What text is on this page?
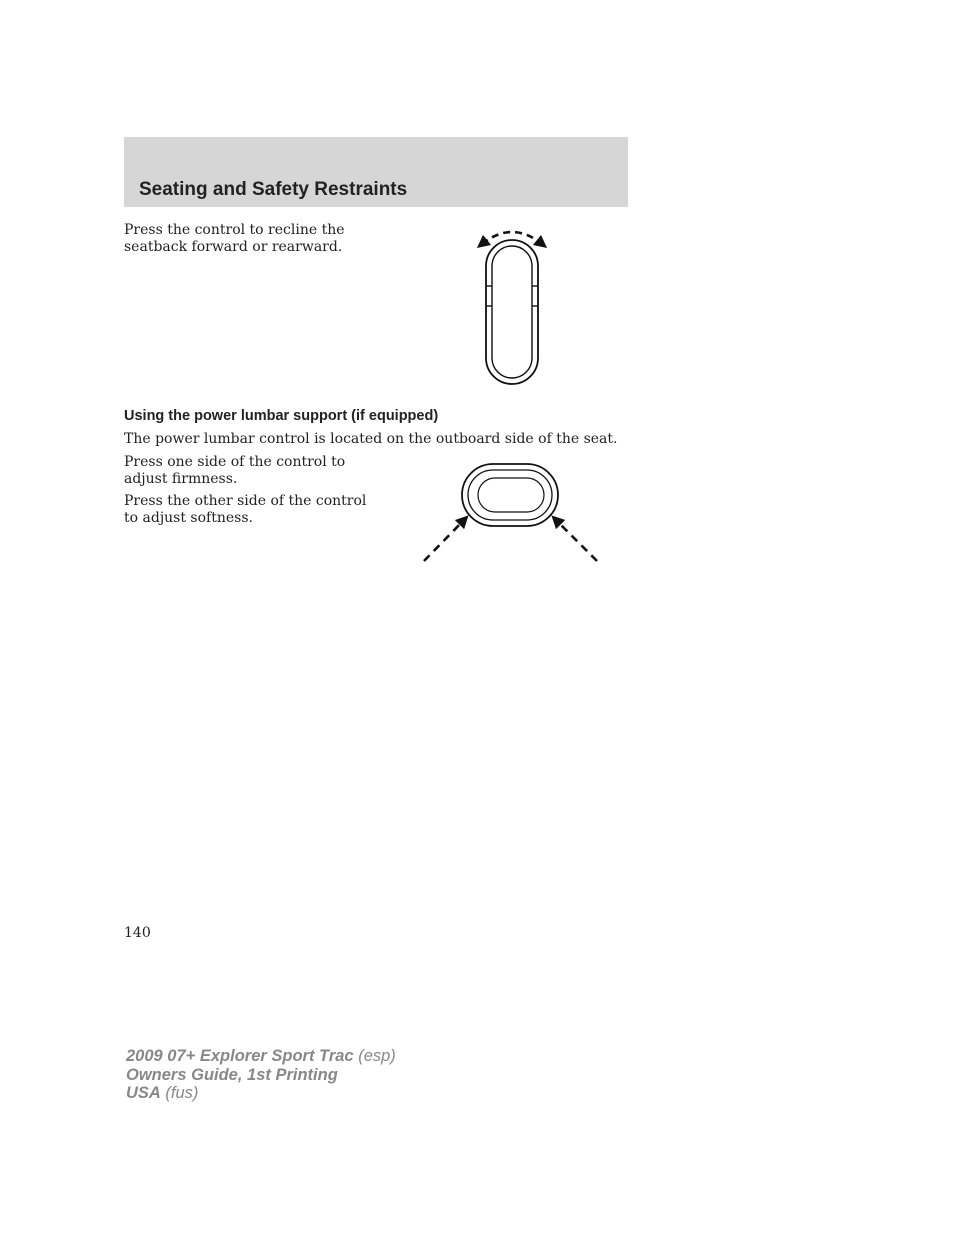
Seating and Safety Restraints

Press the control to recline the seatback forward or rearward.

Using the power lumbar support (if equipped)

The power lumbar control is located on the outboard side of the seat.

Press one side of the control to adjust firmness.

Press the other side of the control to adjust softness.

140

2009 07+ Explorer Sport Trac (esp)
Owners Guide, 1st Printing
USA (fus)
